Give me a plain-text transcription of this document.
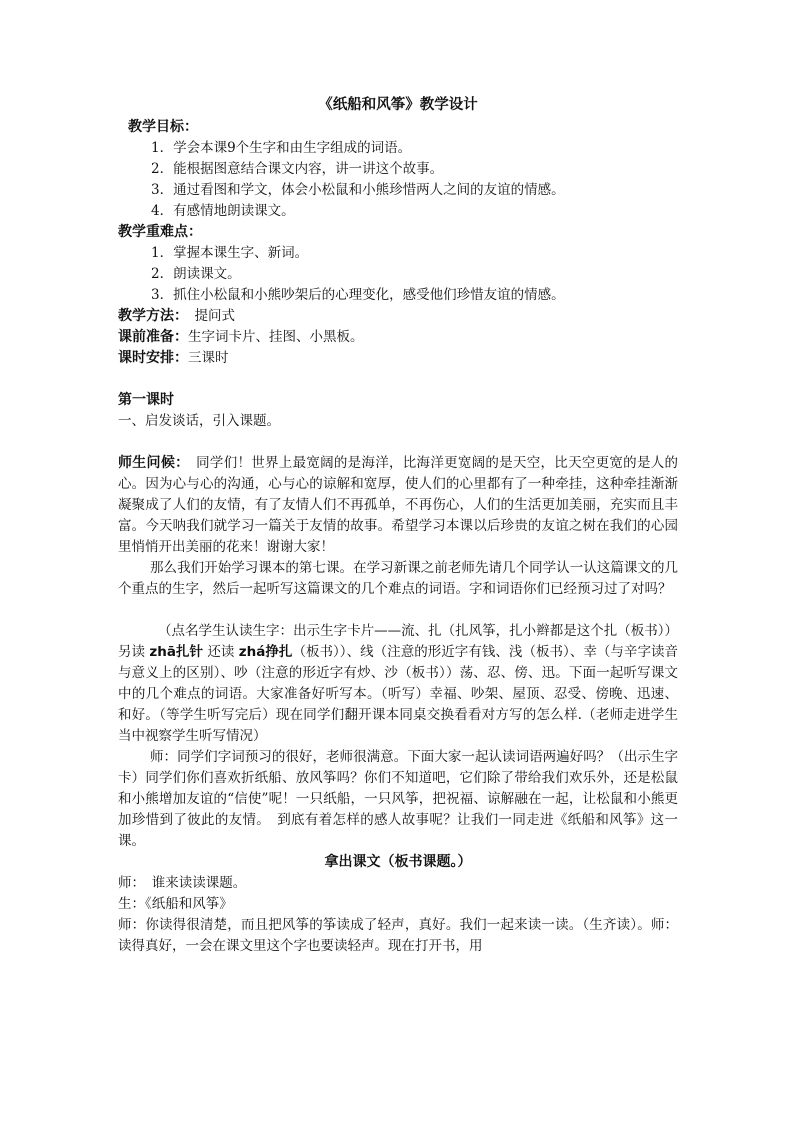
《纸船和风筝》教学设计

教学目标：

1．学会本课9个生字和由生字组成的词语。

2．能根据图意结合课文内容，讲一讲这个故事。

3．通过看图和学文，体会小松鼠和小熊珍惜两人之间的友谊的情感。

4．有感情地朗读课文。

教学重难点：

1．掌握本课生字、新词。

2．朗读课文。

3．抓住小松鼠和小熊吵架后的心理变化，感受他们珍惜友谊的情感。

教学方法：　提问式

课前准备：生字词卡片、挂图、小黑板。

课时安排：三课时

第一课时

一、启发谈话，引入课题。

师生问候：　同学们！世界上最宽阔的是海洋，比海洋更宽阔的是天空，比天空更宽的是人的心。因为心与心的沟通，心与心的谅解和宽厚，使人们的心里都有了一种牵挂，这种牵挂渐渐凝聚成了人们的友情，有了友情人们不再孤单，不再伤心，人们的生活更加美丽，充实而且丰富。今天呐我们就学习一篇关于友情的故事。希望学习本课以后珍贵的友谊之树在我们的心园里悄悄开出美丽的花来！谢谢大家！

那么我们开始学习课本的第七课。在学习新课之前老师先请几个同学认一认这篇课文的几个重点的生字，然后一起听写这篇课文的几个难点的词语。字和词语你们已经预习过了对吗？

（点名学生认读生字：出示生字卡片——流、扎（扎风筝，扎小辫都是这个扎（板书））另读 zhā扎针 还读 zhá挣扎（板书））、线（注意的形近字有钱、浅（板书）、幸（与辛字读音与意义上的区别）、吵（注意的形近字有炒、沙（板书））荡、忍、傍、迅。下面一起听写课文中的几个难点的词语。大家准备好听写本。（听写）幸福、吵架、屋顶、忍受、傍晚、迅速、和好。（等学生听写完后）现在同学们翻开课本同桌交换看看对方写的怎么样.（老师走进学生当中视察学生听写情况）

师：同学们字词预习的很好，老师很满意。下面大家一起认读词语两遍好吗？（出示生字卡）同学们你们喜欢折纸船、放风筝吗？你们不知道吧，它们除了带给我们欢乐外，还是松鼠和小熊增加友谊的“信使”呢！一只纸船，一只风筝，把祝福、谅解融在一起，让松鼠和小熊更加珍惜到了彼此的友情。　到底有着怎样的感人故事呢？让我们一同走进《纸船和风筝》这一课。

拿出课文（板书课题。）

师：　谁来读读课题。

生：《纸船和风筝》

师：你读得很清楚，而且把风筝的筝读成了轻声，真好。我们一起来读一读。（生齐读）。师：读得真好，一会在课文里这个字也要读轻声。现在打开书，用
